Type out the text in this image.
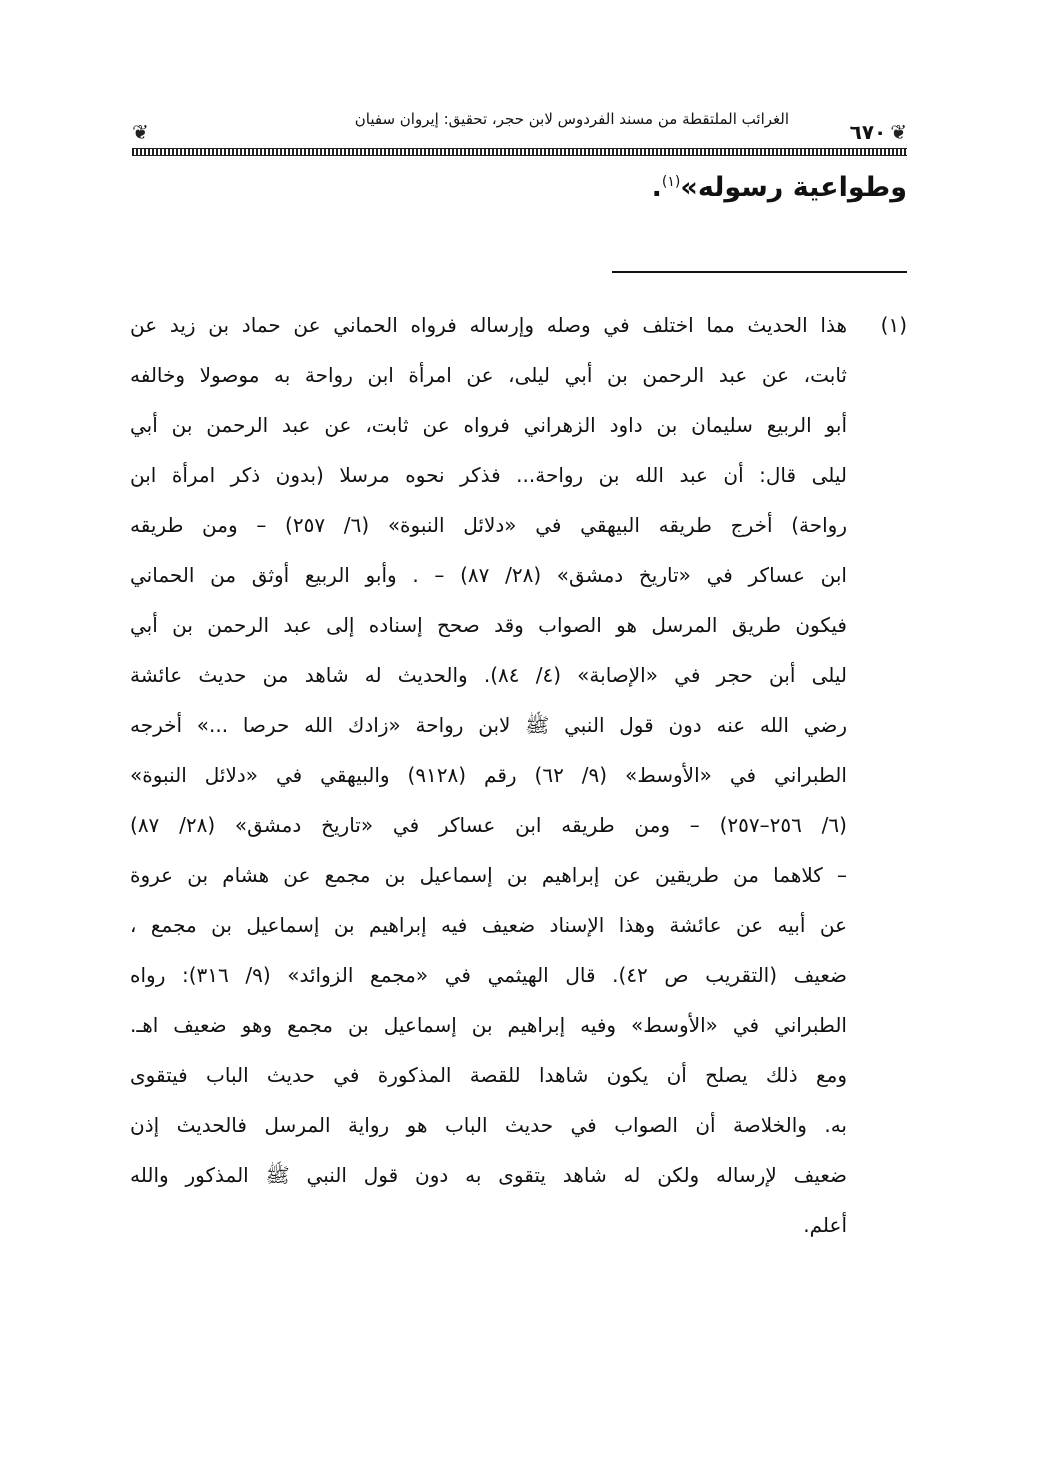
❦
٦٧٠
❦
الغرائب الملتقطة من مسند الفردوس لابن حجر، تحقيق: إيروان سفيان
وطواعية رسوله»$^{(١)}$.
(١)
هذا الحديث مما اختلف في وصله وإرساله فرواه الحماني عن حماد بن زيد عن
ثابت، عن عبد الرحمن بن أبي ليلى، عن امرأة ابن رواحة به موصولا وخالفه
أبو الربيع سليمان بن داود الزهراني فرواه عن ثابت، عن عبد الرحمن بن أبي
ليلى قال: أن عبد الله بن رواحة... فذكر نحوه مرسلا (بدون ذكر امرأة ابن
رواحة) أخرج طريقه البيهقي في «دلائل النبوة» (٦/ ٢٥٧) – ومن طريقه
ابن عساكر في «تاريخ دمشق» (٢٨/ ٨٧) – . وأبو الربيع أوثق من الحماني
فيكون طريق المرسل هو الصواب وقد صحح إسناده إلى عبد الرحمن بن أبي
ليلى أبن حجر في «الإصابة» (٤/ ٨٤). والحديث له شاهد من حديث عائشة
رضي الله عنه دون قول النبي ﷺ لابن رواحة «زادك الله حرصا ...» أخرجه
الطبراني في «الأوسط» (٩/ ٦٢) رقم (٩١٢٨) والبيهقي في «دلائل النبوة»
(٦/ ٢٥٦–٢٥٧) – ومن طريقه ابن عساكر في «تاريخ دمشق» (٢٨/ ٨٧)
– كلاهما من طريقين عن إبراهيم بن إسماعيل بن مجمع عن هشام بن عروة
عن أبيه عن عائشة وهذا الإسناد ضعيف فيه إبراهيم بن إسماعيل بن مجمع ،
ضعيف (التقريب ص ٤٢). قال الهيثمي في «مجمع الزوائد» (٩/ ٣١٦): رواه
الطبراني في «الأوسط» وفيه إبراهيم بن إسماعيل بن مجمع وهو ضعيف اهـ.
ومع ذلك يصلح أن يكون شاهدا للقصة المذكورة في حديث الباب فيتقوى
به. والخلاصة أن الصواب في حديث الباب هو رواية المرسل فالحديث إذن
ضعيف لإرساله ولكن له شاهد يتقوى به دون قول النبي ﷺ المذكور والله
أعلم.
